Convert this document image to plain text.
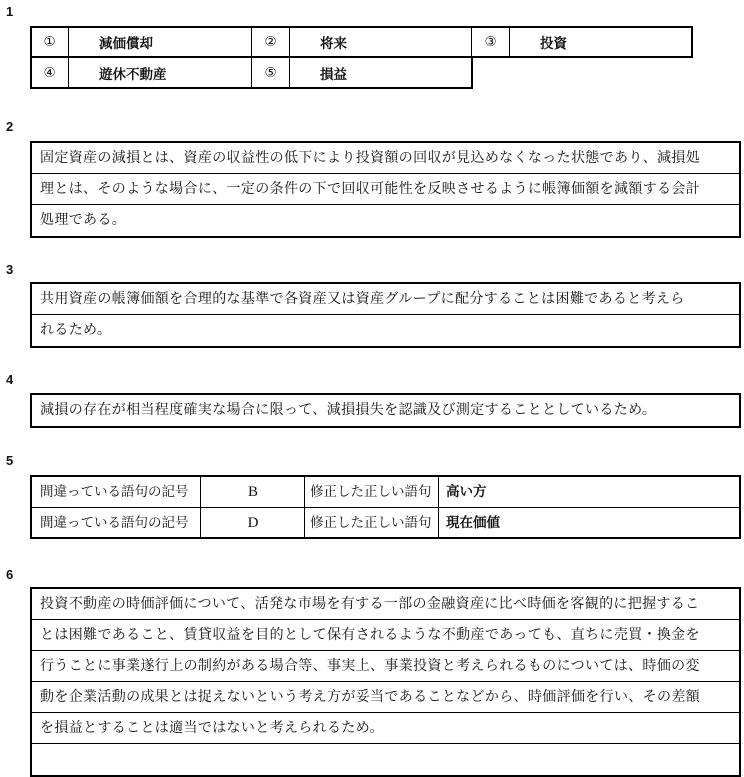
1
①	減価償却	②	将来	③	投資
④	遊休不動産	⑤	損益
2
固定資産の減損とは、資産の収益性の低下により投資額の回収が見込めなくなった状態であり、減損処
理とは、そのような場合に、一定の条件の下で回収可能性を反映させるように帳簿価額を減額する会計
処理である。
3
共用資産の帳簿価額を合理的な基準で各資産又は資産グループに配分することは困難であると考えら
れるため。
4
減損の存在が相当程度確実な場合に限って、減損損失を認識及び測定することとしているため。
5
間違っている語句の記号	B	修正した正しい語句 高い方
間違っている語句の記号	D	修正した正しい語句 現在価値
6
投資不動産の時価評価について、活発な市場を有する一部の金融資産に比べ時価を客観的に把握するこ
とは困難であること、賃貸収益を目的として保有されるような不動産であっても、直ちに売買・換金を
行うことに事業遂行上の制約がある場合等、事実上、事業投資と考えられるものについては、時価の変
動を企業活動の成果とは捉えないという考え方が妥当であることなどから、時価評価を行い、その差額
を損益とすることは適当ではないと考えられるため。
